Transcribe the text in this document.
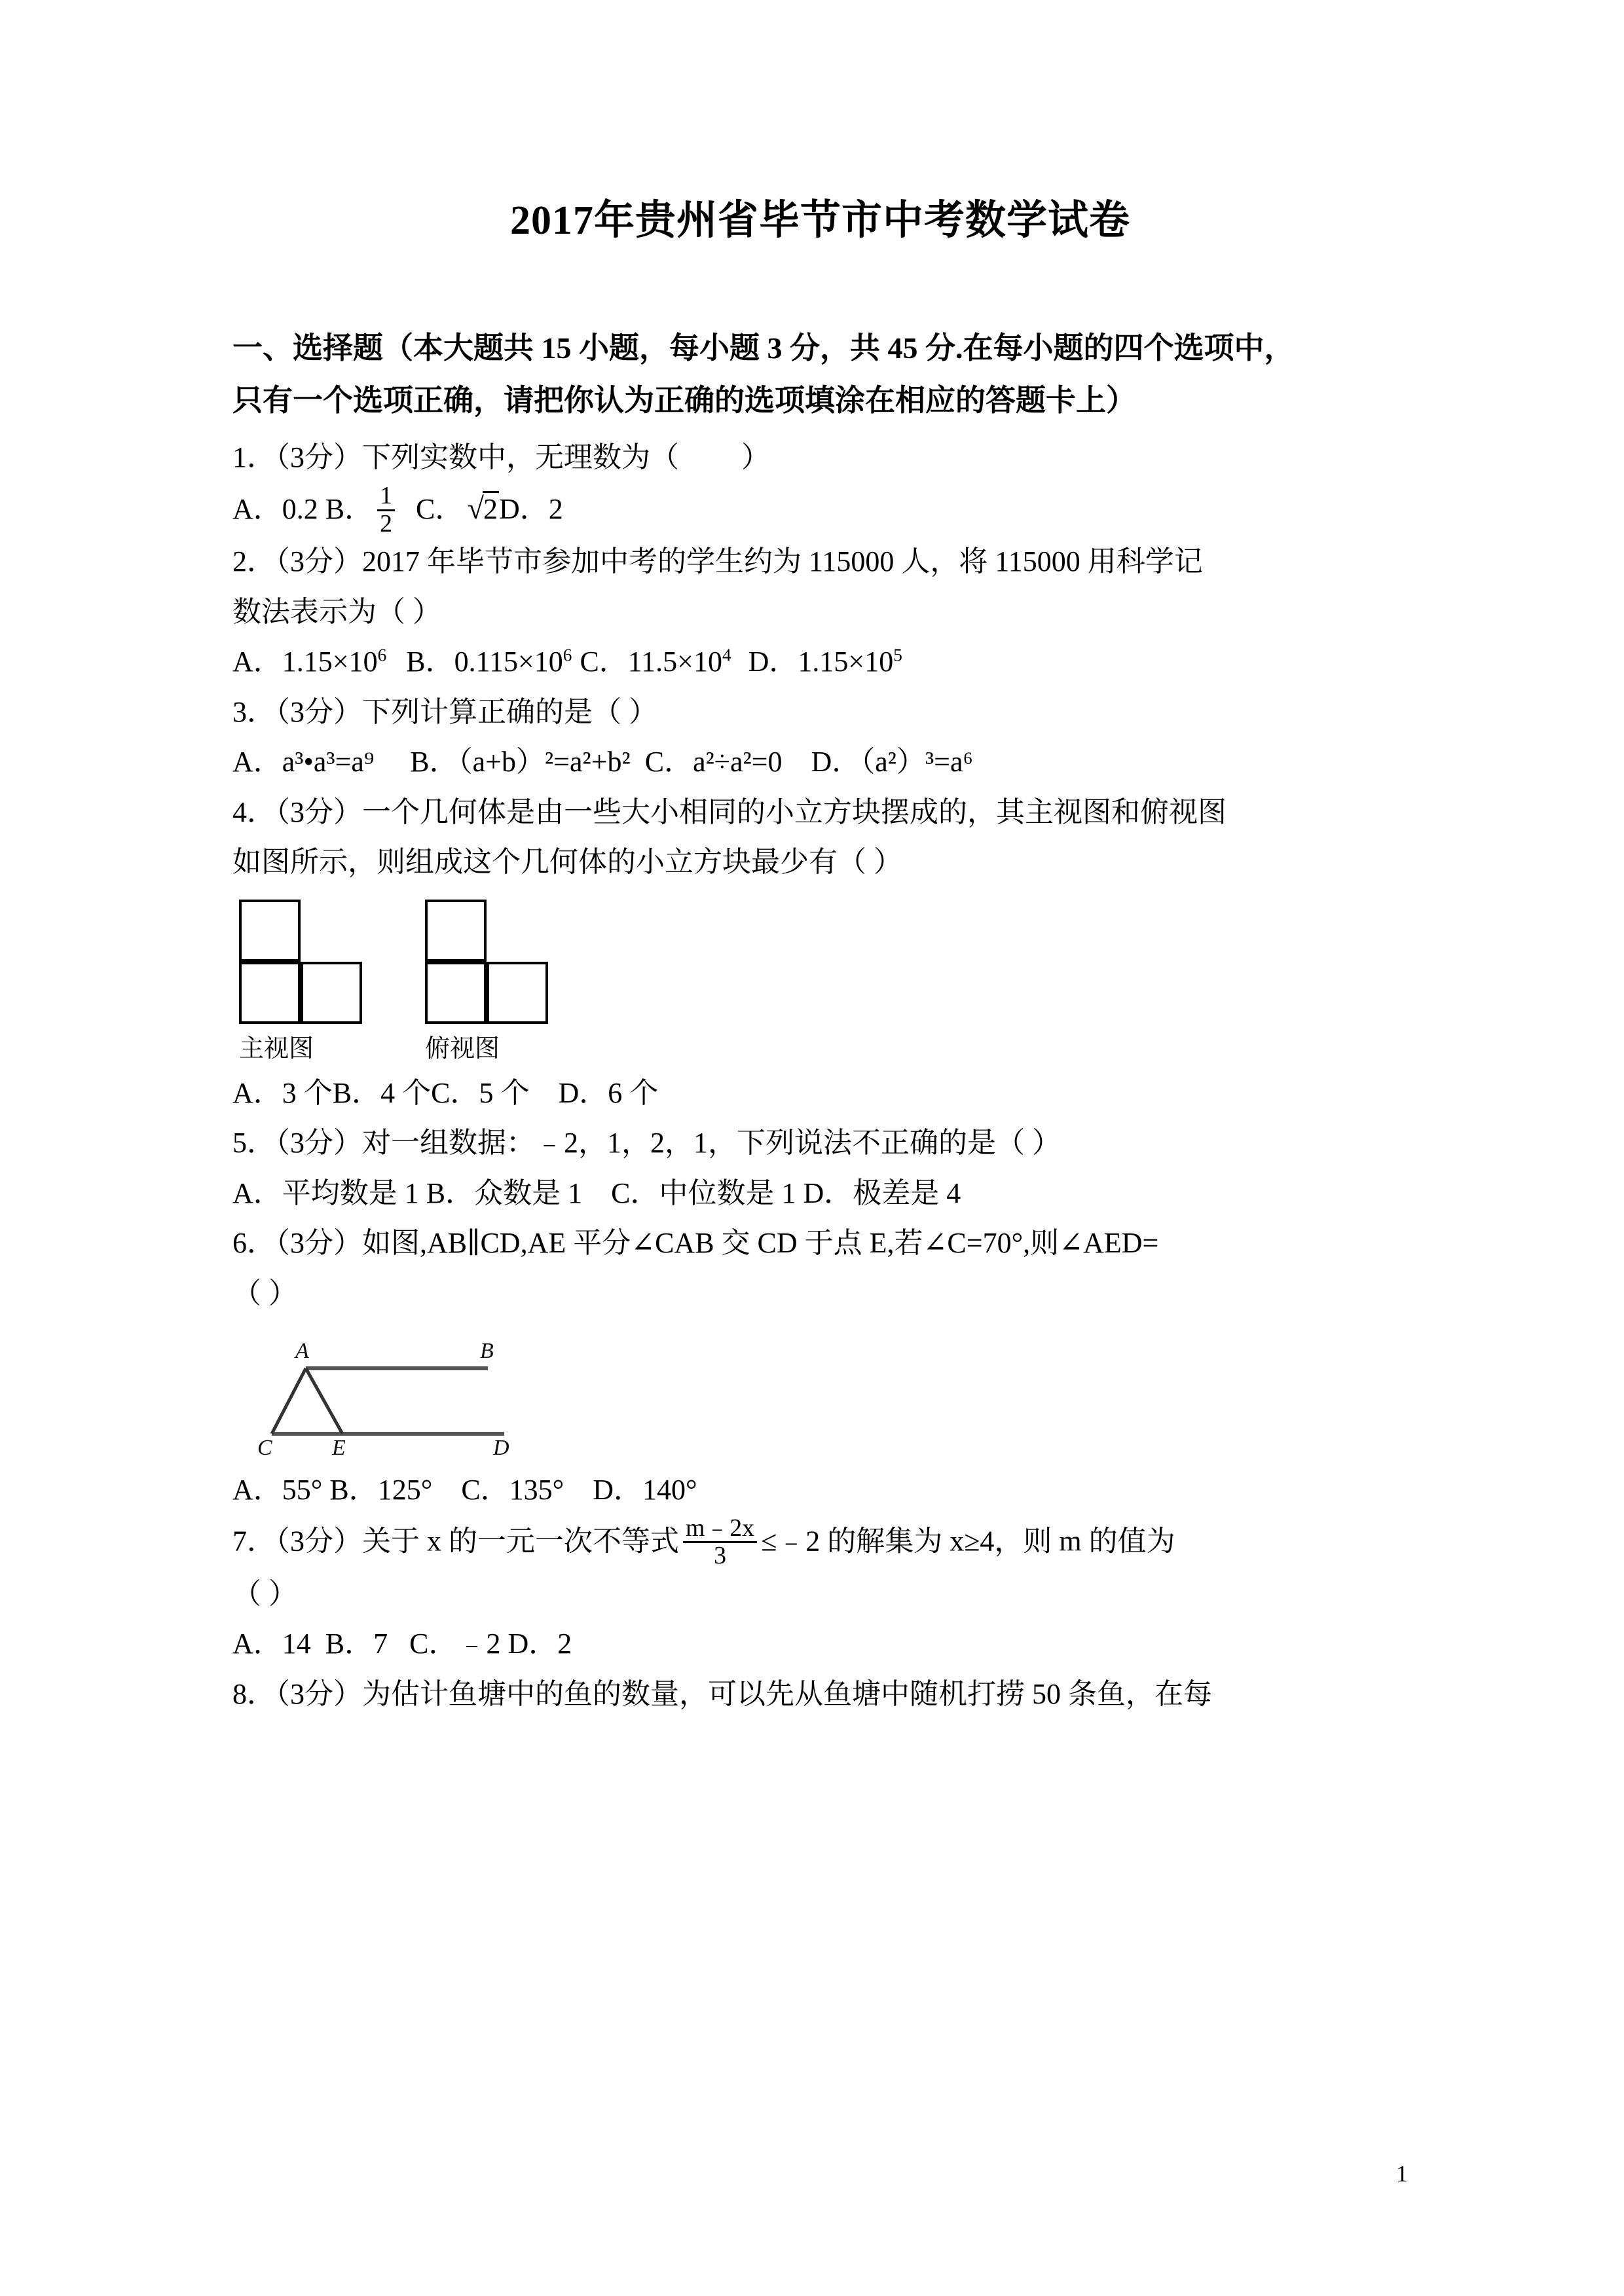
2017年贵州省毕节市中考数学试卷
一、选择题（本大题共 15 小题，每小题 3 分，共 45 分.在每小题的四个选项中，
只有一个选项正确，请把你认为正确的选项填涂在相应的答题卡上）
1．（3分）下列实数中，无理数为（ ）
A．0.2 B． $\frac{1}{2}$ C． √2D．2
2．（3分）2017 年毕节市参加中考的学生约为 115000 人，将 115000 用科学记
数法表示为（ ）
A．$1.15\times 10^6$ B．$0.115\times 10^6$ C．$11.5\times 10^4$ D．$1.15\times 10^5$
3．（3分）下列计算正确的是（ ）
A．a³•a³=a⁹     B．（a+b）²=a²+b²  C．a²÷a²=0    D．（a²）³=a⁶
4．（3分）一个几何体是由一些大小相同的小立方块摆成的，其主视图和俯视图
如图所示，则组成这个几何体的小立方块最少有（ ）
主视图	俯视图
A．3 个B．4 个C．5 个    D．6 个
5．（3分）对一组数据：﹣2，1，2，1，下列说法不正确的是（ ）
A．平均数是 1 B．众数是 1    C．中位数是 1 D．极差是 4
6．（3分）如图,AB∥CD,AE 平分∠CAB 交 CD 于点 E,若∠C=70°,则∠AED=
（ ）
A	B
C	E	D
A．55° B．125°    C．135°    D．140°
7．（3分）关于 x 的一元一次不等式 $\frac{m﹣2x}{3}$ ≤﹣2 的解集为 x≥4，则 m 的值为
（ ）
A．14  B．7   C．﹣2 D．2
8．（3分）为估计鱼塘中的鱼的数量，可以先从鱼塘中随机打捞 50 条鱼，在每
1
